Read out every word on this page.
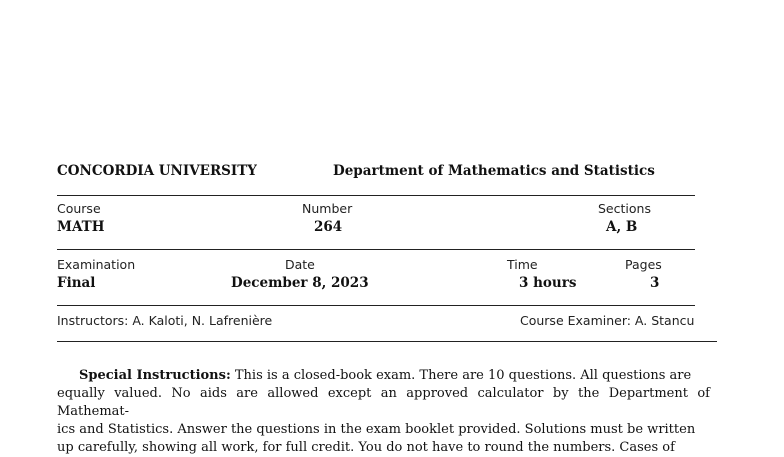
CONCORDIA UNIVERSITY	Department of Mathematics and Statistics
Course
MATH
Number
264
Sections
A, B
Examination
Final
Date
December 8, 2023
Time
3 hours
Pages
3
Instructors: A. Kaloti, N. Lafrenière	Course Examiner: A. Stancu
Special Instructions: This is a closed-book exam. There are 10 questions. All questions are
equally valued. No aids are allowed except an approved calculator by the Department of Mathemat-
ics and Statistics. Answer the questions in the exam booklet provided. Solutions must be written
up carefully, showing all work, for full credit. You do not have to round the numbers. Cases of
